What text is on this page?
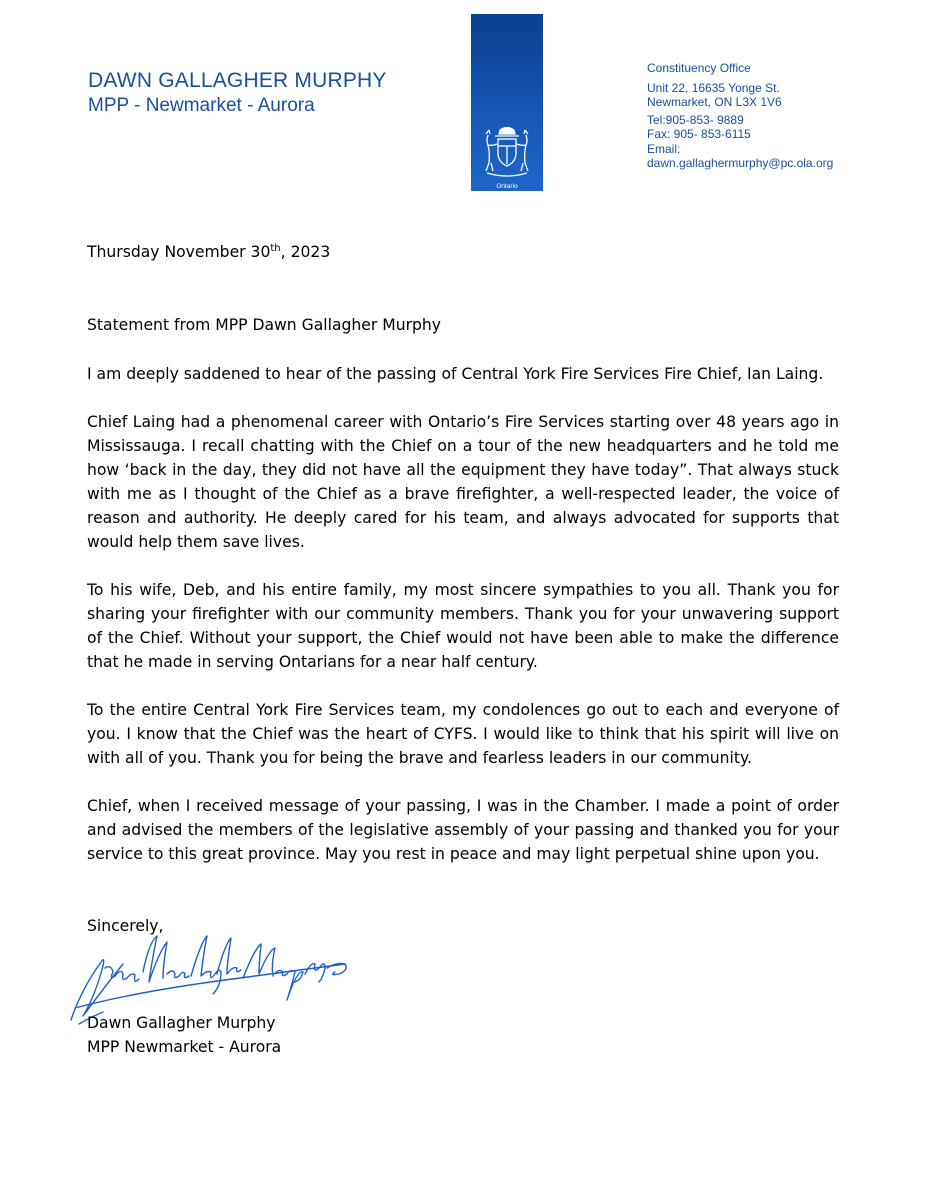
DAWN GALLAGHER MURPHY
MPP - Newmarket - Aurora
Ontario
Constituency Office
Unit 22, 16635 Yonge St.
Newmarket, ON L3X 1V6
Tel:905-853- 9889
Fax: 905- 853-6115
Email:
dawn.gallaghermurphy@pc.ola.org
Thursday November 30th, 2023
Statement from MPP Dawn Gallagher Murphy
I am deeply saddened to hear of the passing of Central York Fire Services Fire Chief, Ian Laing.
Chief Laing had a phenomenal career with Ontario’s Fire Services starting over 48 years ago in Mississauga. I recall chatting with the Chief on a tour of the new headquarters and he told me how ‘back in the day, they did not have all the equipment they have today”. That always stuck with me as I thought of the Chief as a brave firefighter, a well-respected leader, the voice of reason and authority. He deeply cared for his team, and always advocated for supports that would help them save lives.
To his wife, Deb, and his entire family, my most sincere sympathies to you all. Thank you for sharing your firefighter with our community members. Thank you for your unwavering support of the Chief. Without your support, the Chief would not have been able to make the difference that he made in serving Ontarians for a near half century.
To the entire Central York Fire Services team, my condolences go out to each and everyone of you. I know that the Chief was the heart of CYFS. I would like to think that his spirit will live on with all of you. Thank you for being the brave and fearless leaders in our community.
Chief, when I received message of your passing, I was in the Chamber. I made a point of order and advised the members of the legislative assembly of your passing and thanked you for your service to this great province. May you rest in peace and may light perpetual shine upon you.
Sincerely,
Dawn Gallagher Murphy
MPP Newmarket - Aurora
